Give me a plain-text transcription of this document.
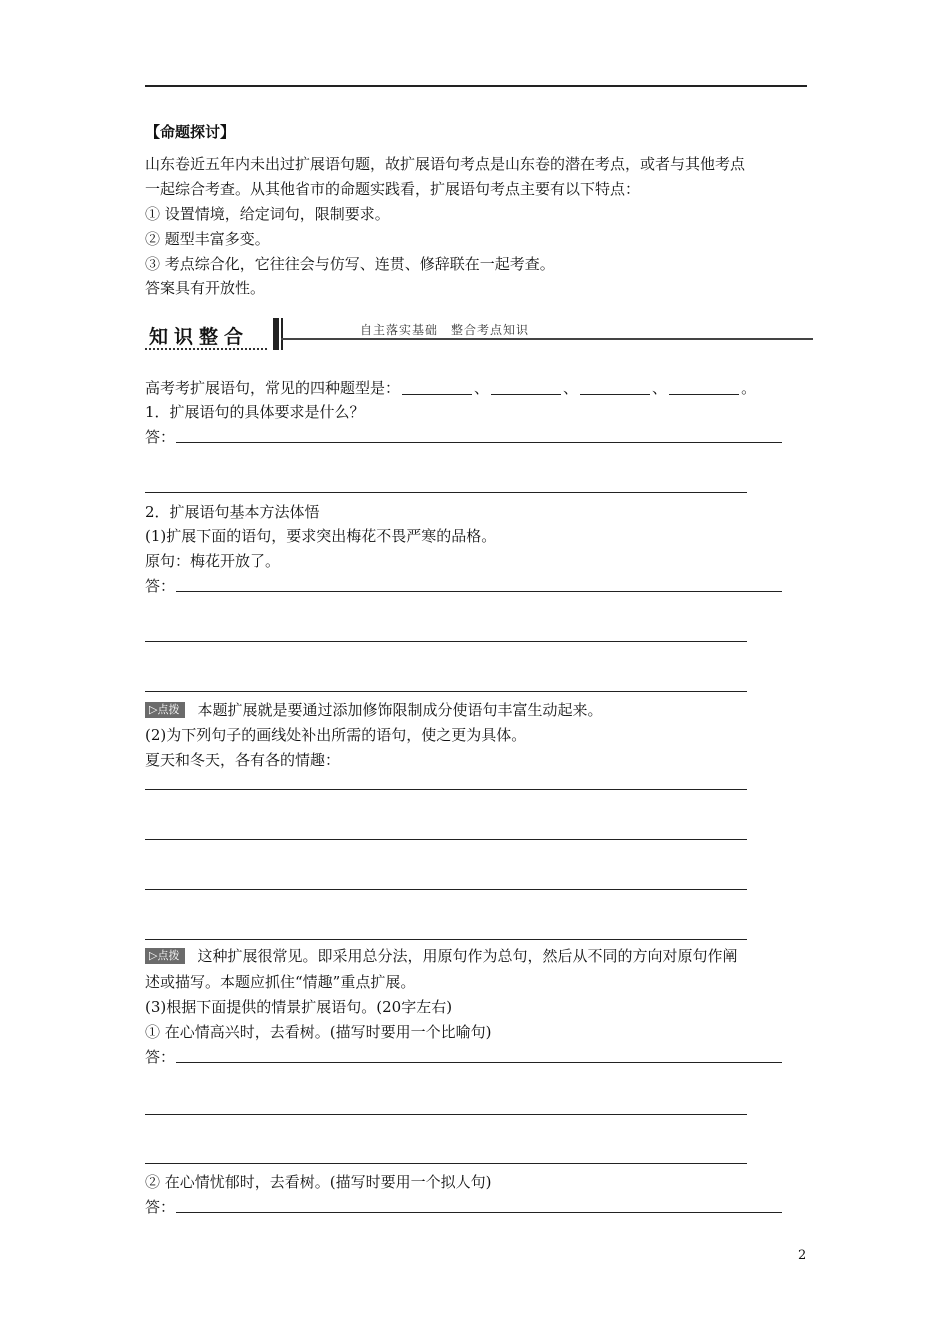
【命题探讨】
山东卷近五年内未出过扩展语句题，故扩展语句考点是山东卷的潜在考点，或者与其他考点
一起综合考查。从其他省市的命题实践看，扩展语句考点主要有以下特点：
① 设置情境，给定词句，限制要求。
② 题型丰富多变。
③ 考点综合化，它往往会与仿写、连贯、修辞联在一起考查。
答案具有开放性。
知识整合	自主落实基础　整合考点知识
高考考扩展语句，常见的四种题型是：	、	、	、	。
1．扩展语句的具体要求是什么？
答：
2．扩展语句基本方法体悟
(1)扩展下面的语句，要求突出梅花不畏严寒的品格。
原句：梅花开放了。
答：
▷点拨 本题扩展就是要通过添加修饰限制成分使语句丰富生动起来。
(2)为下列句子的画线处补出所需的语句，使之更为具体。
夏天和冬天，各有各的情趣：
▷点拨 这种扩展很常见。即采用总分法，用原句作为总句，然后从不同的方向对原句作阐
述或描写。本题应抓住“情趣”重点扩展。
(3)根据下面提供的情景扩展语句。(20字左右)
① 在心情高兴时，去看树。(描写时要用一个比喻句)
答：
② 在心情忧郁时，去看树。(描写时要用一个拟人句)
答：
2
